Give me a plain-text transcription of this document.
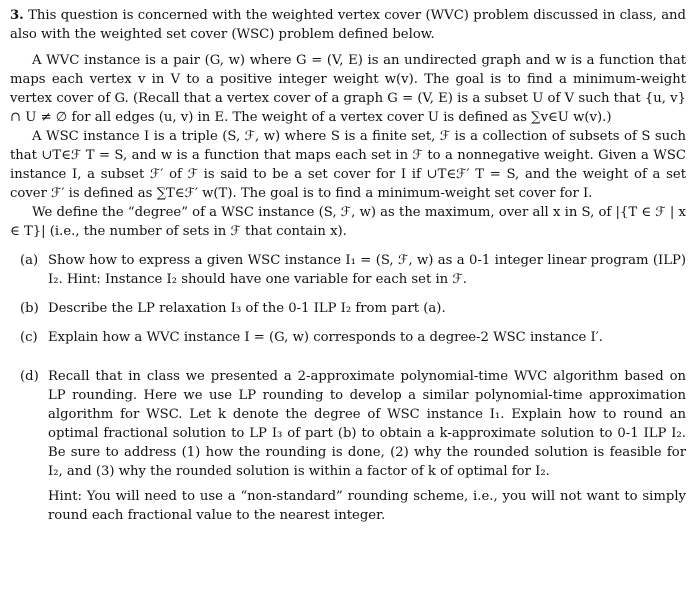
3. This question is concerned with the weighted vertex cover (WVC) problem discussed in class, and also with the weighted set cover (WSC) problem defined below.

A WVC instance is a pair (G, w) where G = (V, E) is an undirected graph and w is a function that maps each vertex v in V to a positive integer weight w(v). The goal is to find a minimum-weight vertex cover of G. (Recall that a vertex cover of a graph G = (V, E) is a subset U of V such that {u, v} ∩ U ≠ ∅ for all edges (u, v) in E. The weight of a vertex cover U is defined as ∑v∈U w(v).)

A WSC instance I is a triple (S, ℱ, w) where S is a finite set, ℱ is a collection of subsets of S such that ∪T∈ℱ T = S, and w is a function that maps each set in ℱ to a nonnegative weight. Given a WSC instance I, a subset ℱ′ of ℱ is said to be a set cover for I if ∪T∈ℱ′ T = S, and the weight of a set cover ℱ′ is defined as ∑T∈ℱ′ w(T). The goal is to find a minimum-weight set cover for I.

We define the “degree” of a WSC instance (S, ℱ, w) as the maximum, over all x in S, of |{T ∈ ℱ | x ∈ T}| (i.e., the number of sets in ℱ that contain x).

(a) Show how to express a given WSC instance I₁ = (S, ℱ, w) as a 0-1 integer linear program (ILP) I₂. Hint: Instance I₂ should have one variable for each set in ℱ.
(b) Describe the LP relaxation I₃ of the 0-1 ILP I₂ from part (a).
(c) Explain how a WVC instance I = (G, w) corresponds to a degree-2 WSC instance I′.
(d) Recall that in class we presented a 2-approximate polynomial-time WVC algorithm based on LP rounding. Here we use LP rounding to develop a similar polynomial-time approximation algorithm for WSC. Let k denote the degree of WSC instance I₁. Explain how to round an optimal fractional solution to LP I₃ of part (b) to obtain a k-approximate solution to 0-1 ILP I₂. Be sure to address (1) how the rounding is done, (2) why the rounded solution is feasible for I₂, and (3) why the rounded solution is within a factor of k of optimal for I₂.

Hint: You will need to use a “non-standard” rounding scheme, i.e., you will not want to simply round each fractional value to the nearest integer.
